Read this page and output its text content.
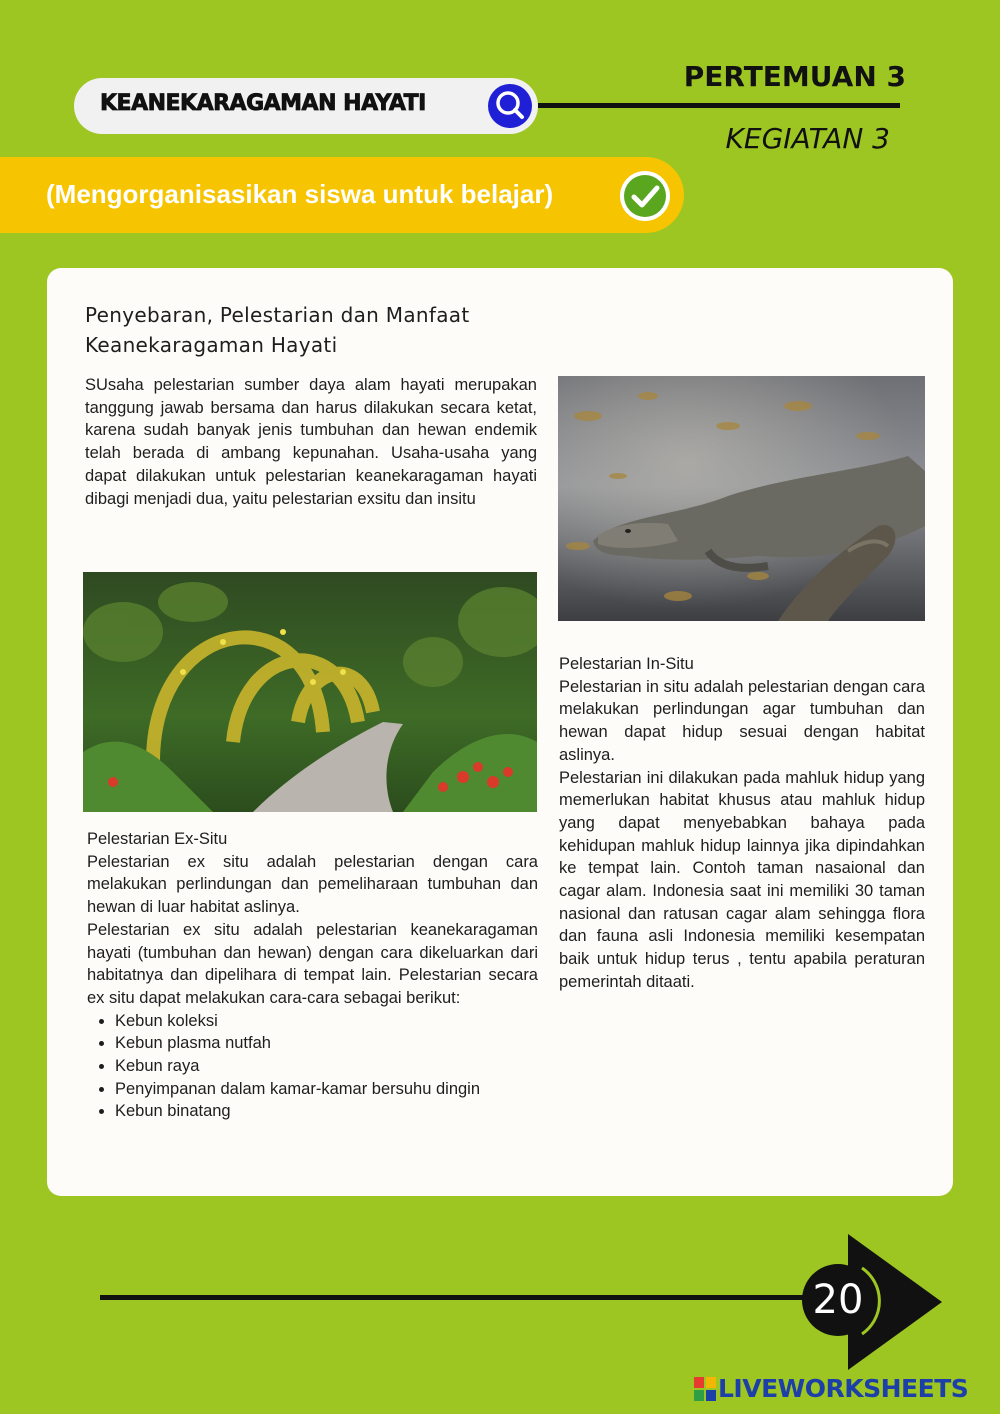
KEANEKARAGAMAN HAYATI
PERTEMUAN 3
KEGIATAN 3
(Mengorganisasikan siswa untuk belajar)
Penyebaran, Pelestarian dan Manfaat
Keanekaragaman Hayati

SUsaha pelestarian sumber daya alam hayati merupakan tanggung jawab bersama dan harus dilakukan secara ketat, karena sudah banyak jenis tumbuhan dan hewan endemik telah berada di ambang kepunahan. Usaha-usaha yang dapat dilakukan untuk pelestarian keanekaragaman hayati dibagi menjadi dua, yaitu pelestarian exsitu dan insitu

Pelestarian Ex-Situ

Pelestarian ex situ adalah pelestarian dengan cara melakukan perlindungan dan pemeliharaan tumbuhan dan hewan di luar habitat aslinya.

Pelestarian ex situ adalah pelestarian keanekaragaman hayati (tumbuhan dan hewan) dengan cara dikeluarkan dari habitatnya dan dipelihara di tempat lain. Pelestarian secara ex situ dapat melakukan cara-cara sebagai berikut:

• Kebun koleksi
• Kebun plasma nutfah
• Kebun raya
• Penyimpanan dalam kamar-kamar bersuhu dingin
• Kebun binatang

Pelestarian In-Situ

Pelestarian in situ adalah pelestarian dengan cara melakukan perlindungan agar tumbuhan dan hewan dapat hidup sesuai dengan habitat aslinya.

Pelestarian ini dilakukan pada mahluk hidup yang memerlukan habitat khusus atau mahluk hidup yang dapat menyebabkan bahaya pada kehidupan mahluk hidup lainnya jika dipindahkan ke tempat lain. Contoh taman nasaional dan cagar alam. Indonesia saat ini memiliki 30 taman nasional dan ratusan cagar alam sehingga flora dan fauna asli Indonesia memiliki kesempatan baik untuk hidup terus , tentu apabila peraturan pemerintah ditaati.

20
LIVEWORKSHEETS
